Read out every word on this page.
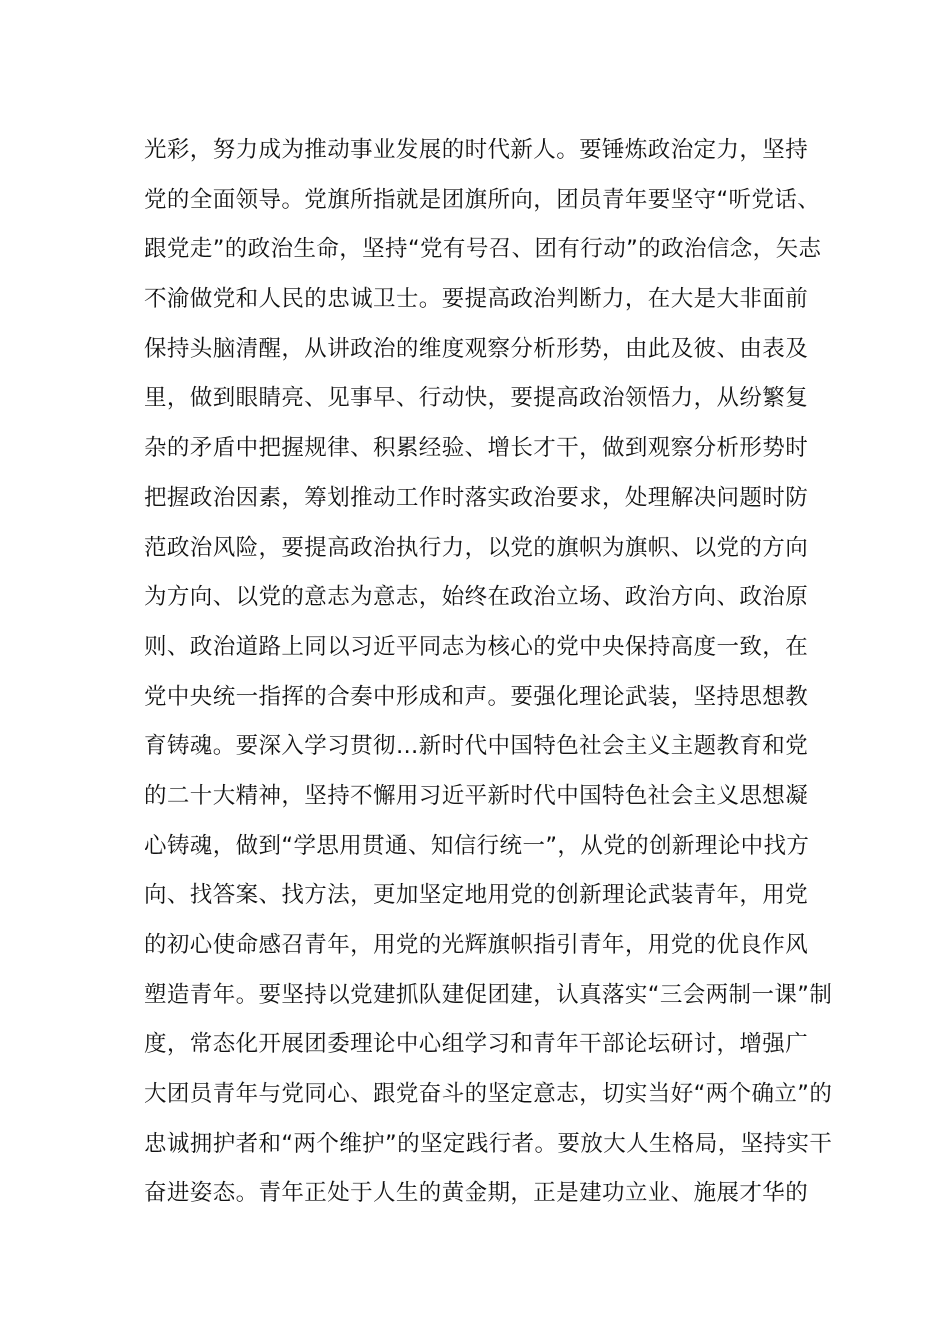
光彩，努力成为推动事业发展的时代新人。要锤炼政治定力，坚持
党的全面领导。党旗所指就是团旗所向，团员青年要坚守“听党话、
跟党走”的政治生命，坚持“党有号召、团有行动”的政治信念，矢志
不渝做党和人民的忠诚卫士。要提高政治判断力，在大是大非面前
保持头脑清醒，从讲政治的维度观察分析形势，由此及彼、由表及
里，做到眼睛亮、见事早、行动快，要提高政治领悟力，从纷繁复
杂的矛盾中把握规律、积累经验、增长才干，做到观察分析形势时
把握政治因素，筹划推动工作时落实政治要求，处理解决问题时防
范政治风险，要提高政治执行力，以党的旗帜为旗帜、以党的方向
为方向、以党的意志为意志，始终在政治立场、政治方向、政治原
则、政治道路上同以习近平同志为核心的党中央保持高度一致，在
党中央统一指挥的合奏中形成和声。要强化理论武装，坚持思想教
育铸魂。要深入学习贯彻…新时代中国特色社会主义主题教育和党
的二十大精神，坚持不懈用习近平新时代中国特色社会主义思想凝
心铸魂，做到“学思用贯通、知信行统一”，从党的创新理论中找方
向、找答案、找方法，更加坚定地用党的创新理论武装青年，用党
的初心使命感召青年，用党的光辉旗帜指引青年，用党的优良作风
塑造青年。要坚持以党建抓队建促团建，认真落实“三会两制一课”制
度，常态化开展团委理论中心组学习和青年干部论坛研讨，增强广
大团员青年与党同心、跟党奋斗的坚定意志，切实当好“两个确立”的
忠诚拥护者和“两个维护”的坚定践行者。要放大人生格局，坚持实干
奋进姿态。青年正处于人生的黄金期，正是建功立业、施展才华的
